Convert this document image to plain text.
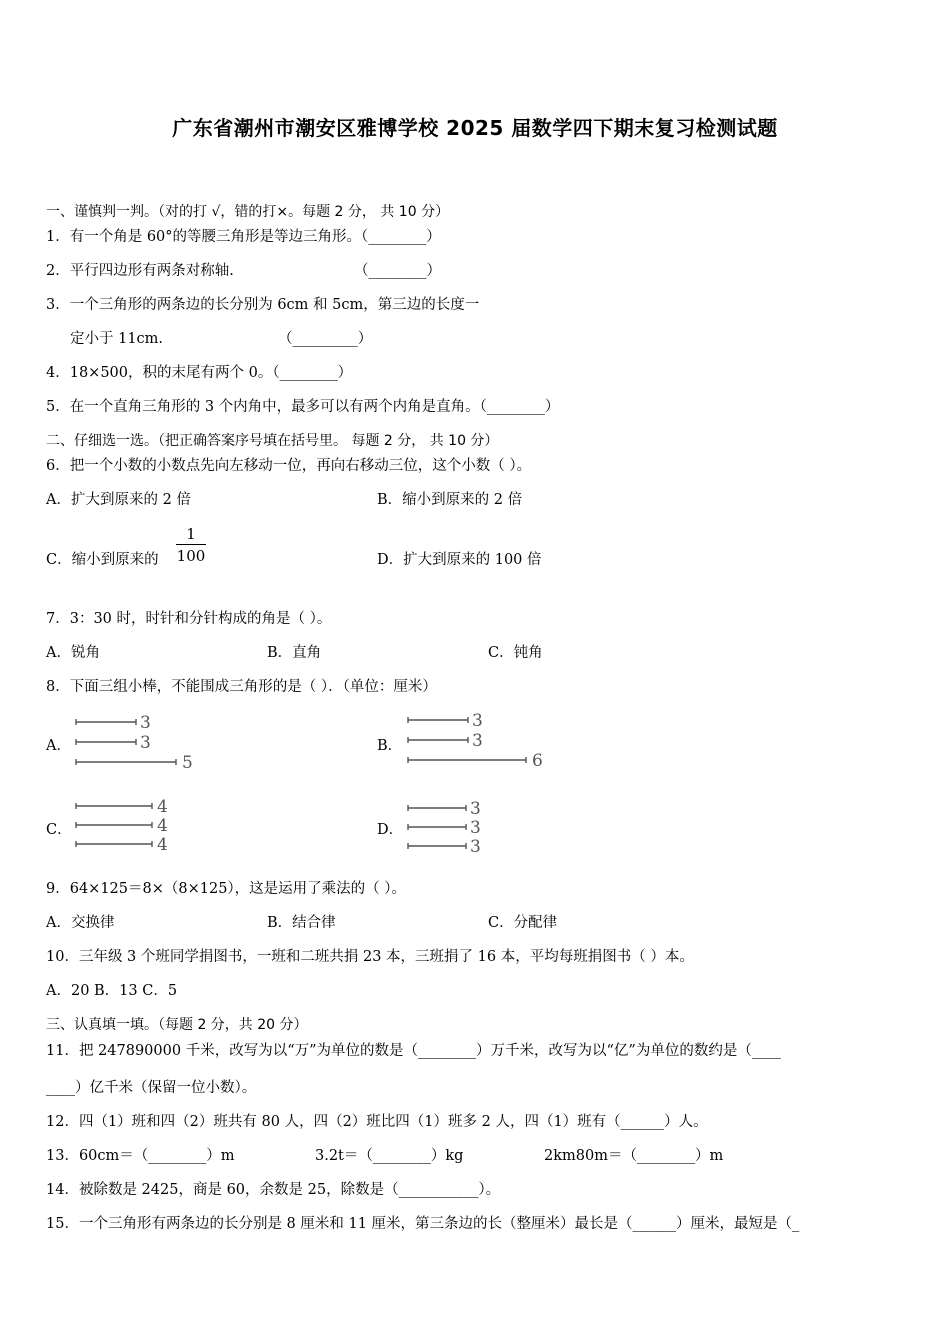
广东省潮州市潮安区雅博学校 2025 届数学四下期末复习检测试题
一、谨慎判一判。（对的打 √，错的打×。每题 2 分， 共 10 分）
1．有一个角是 60°的等腰三角形是等边三角形。（________）
2．平行四边形有两条对称轴.	（________）
3．一个三角形的两条边的长分别为 6cm 和 5cm，第三边的长度一
定小于 11cm.	（_________）
4．18×500，积的末尾有两个 0。（________）
5．在一个直角三角形的 3 个内角中，最多可以有两个内角是直角。（________）
二、仔细选一选。（把正确答案序号填在括号里。 每题 2 分， 共 10 分）
6．把一个小数的小数点先向左移动一位，再向右移动三位，这个小数（ ）。
A．扩大到原来的 2 倍	B．缩小到原来的 2 倍
C．缩小到原来的
1
100	D．扩大到原来的 100 倍
7．3：30 时，时针和分针构成的角是（ ）。
A．锐角	B．直角	C．钝角
8．下面三组小棒，不能围成三角形的是（ ）．（单位：厘米）
A．
3
3
5
B．
3
3
6
C．
4
4
4
D．
3
3
3
9．64×125＝8×（8×125），这是运用了乘法的（ ）。
A．交换律	B．结合律	C．分配律
10．三年级 3 个班同学捐图书，一班和二班共捐 23 本，三班捐了 16 本，平均每班捐图书（ ）本。
A．20 B．13 C．5
三、认真填一填。（每题 2 分，共 20 分）
11．把 247890000 千米，改写为以“万”为单位的数是（________）万千米，改写为以“亿”为单位的数约是（____
____）亿千米（保留一位小数）。
12．四（1）班和四（2）班共有 80 人，四（2）班比四（1）班多 2 人，四（1）班有（______）人。
13．60cm＝（________）m	3.2t＝（________）kg	2km80m＝（________）m
14．被除数是 2425，商是 60，余数是 25，除数是（___________）。
15．一个三角形有两条边的长分别是 8 厘米和 11 厘米，第三条边的长（整厘米）最长是（______）厘米，最短是（_
